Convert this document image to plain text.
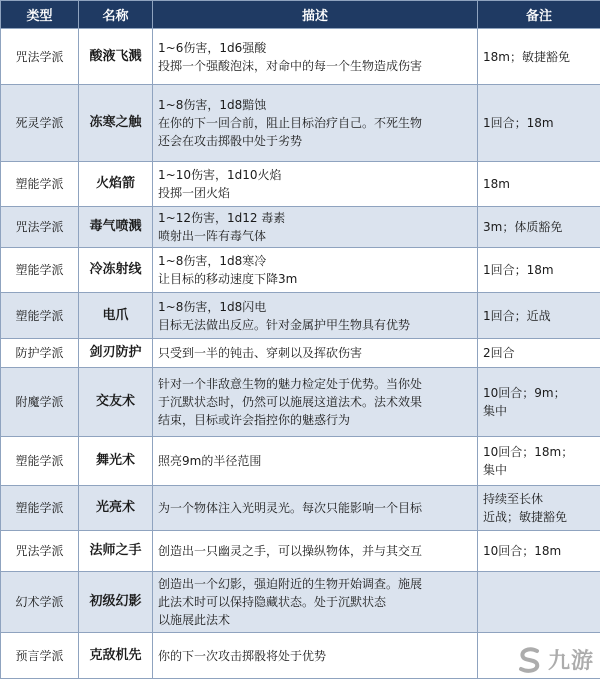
类型	名称	描述	备注
咒法学派	酸液飞溅	1~6伤害，1d6强酸
投掷一个强酸泡沫，对命中的每一个生物造成伤害	18m；敏捷豁免

死灵学派	冻寒之触	1~8伤害，1d8黯蚀
在你的下一回合前，阻止目标治疗自己。不死生物
还会在攻击掷骰中处于劣势	1回合；18m

塑能学派	火焰箭	1~10伤害，1d10火焰
投掷一团火焰	18m

咒法学派	毒气喷溅	1~12伤害，1d12 毒素
喷射出一阵有毒气体	3m；体质豁免

塑能学派	冷冻射线	1~8伤害，1d8寒冷
让目标的移动速度下降3m	1回合；18m

塑能学派	电爪	1~8伤害，1d8闪电
目标无法做出反应。针对金属护甲生物具有优势	1回合；近战

防护学派	剑刃防护	只受到一半的钝击、穿刺以及挥砍伤害	2回合

附魔学派	交友术	针对一个非敌意生物的魅力检定处于优势。当你处
于沉默状态时，仍然可以施展这道法术。法术效果
结束，目标或许会指控你的魅惑行为	10回合；9m；
集中

塑能学派	舞光术	照亮9m的半径范围	10回合；18m；
集中

塑能学派	光亮术	为一个物体注入光明灵光。每次只能影响一个目标	持续至长休
近战；敏捷豁免

咒法学派	法师之手	创造出一只幽灵之手，可以操纵物体，并与其交互	10回合；18m

幻术学派	初级幻影	创造出一个幻影，强迫附近的生物开始调查。施展
此法术时可以保持隐藏状态。处于沉默状态
以施展此法术	

预言学派	克敌机先	你的下一次攻击掷骰将处于优势	
		九游
